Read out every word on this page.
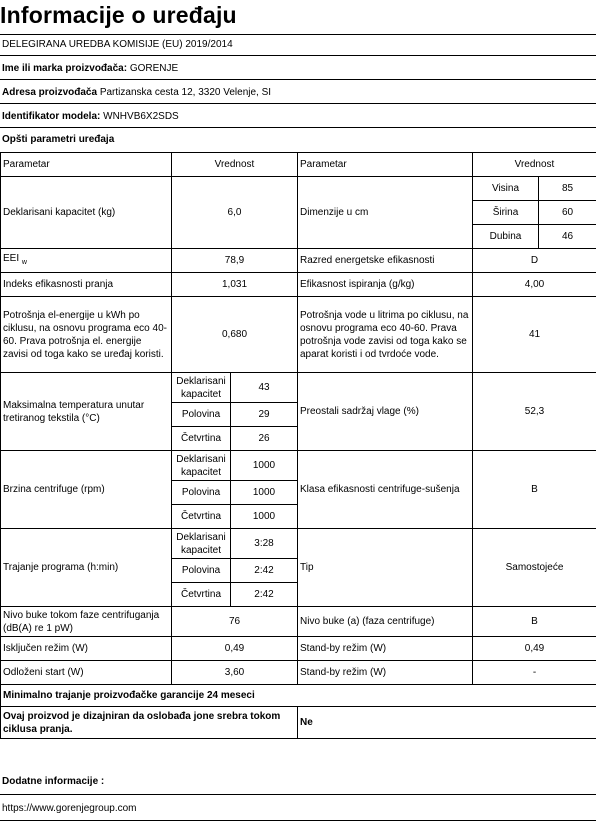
Informacije o uređaju
DELEGIRANA UREDBA KOMISIJE (EU) 2019/2014
Ime ili marka proizvođača: GORENJE
Adresa proizvođača Partizanska cesta 12, 3320 Velenje, SI
Identifikator modela: WNHVB6X2SDS
Opšti parametri uređaja
Parametar	Vrednost		Parametar	Vrednost	
Deklarisani kapacitet (kg)	6,0		Dimenzije u cm	Visina	85
				Širina	60
				Dubina	46
EEI $_w$	78,9		Razred energetske efikasnosti	D	
Indeks efikasnosti pranja	1,031		Efikasnost ispiranja (g/kg)	4,00	
Potrošnja el-energije u kWh po ciklusu, na osnovu programa eco 40-60. Prava potrošnja el. energije zavisi od toga kako se uređaj koristi.	0,680		Potrošnja vode u litrima po ciklusu, na osnovu programa eco 40-60. Prava potrošnja vode zavisi od toga kako se aparat koristi i od tvrdoće vode.	41	
Maksimalna temperatura unutar tretiranog tekstila (°C)	Deklarisani kapacitet	43	Preostali sadržaj vlage (%)	52,3	
	Polovina	29			
	Četvrtina	26			
Brzina centrifuge (rpm)	Deklarisani kapacitet	1000	Klasa efikasnosti centrifuge-sušenja	B	
	Polovina	1000			
	Četvrtina	1000			
Trajanje programa (h:min)	Deklarisani kapacitet	3:28	Tip	Samostojeće	
	Polovina	2:42			
	Četvrtina	2:42			
Nivo buke tokom faze centrifuganja (dB(A) re 1 pW)	76		Nivo buke (a) (faza centrifuge)	B	
Isključen režim (W)	0,49		Stand-by režim (W)	0,49	
Odloženi start (W)	3,60		Stand-by režim (W)	-	
Minimalno trajanje proizvođačke garancije 24 meseci					
Ovaj proizvod je dizajniran da oslobađa jone srebra tokom ciklusa pranja.			Ne		
Dodatne informacije :
https://www.gorenjegroup.com
